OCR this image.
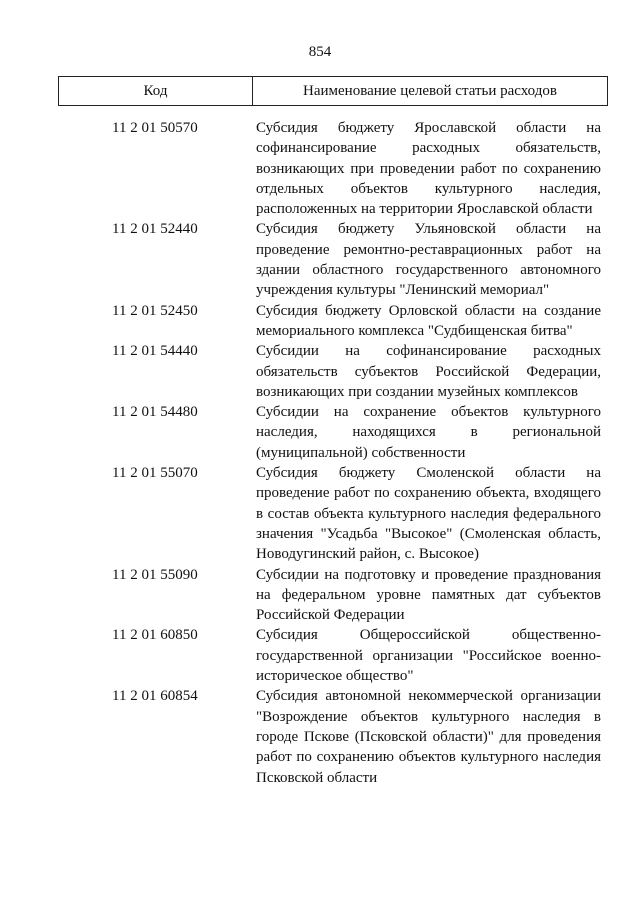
854
Код	Наименование целевой статьи расходов
11 2 01 50570	Субсидия бюджету Ярославской области на софинансирование расходных обязательств, возникающих при проведении работ по сохранению отдельных объектов культурного наследия, расположенных на территории Ярославской области
11 2 01 52440	Субсидия бюджету Ульяновской области на проведение ремонтно-реставрационных работ на здании областного государственного автономного учреждения культуры "Ленинский мемориал"
11 2 01 52450	Субсидия бюджету Орловской области на создание мемориального комплекса "Судбищенская битва"
11 2 01 54440	Субсидии на софинансирование расходных обязательств субъектов Российской Федерации, возникающих при создании музейных комплексов
11 2 01 54480	Субсидии на сохранение объектов культурного наследия, находящихся в региональной (муниципальной) собственности
11 2 01 55070	Субсидия бюджету Смоленской области на проведение работ по сохранению объекта, входящего в состав объекта культурного наследия федерального значения "Усадьба "Высокое" (Смоленская область, Новодугинский район, с. Высокое)
11 2 01 55090	Субсидии на подготовку и проведение празднования на федеральном уровне памятных дат субъектов Российской Федерации
11 2 01 60850	Субсидия Общероссийской общественно-государственной организации "Российское военно-историческое общество"
11 2 01 60854	Субсидия автономной некоммерческой организации "Возрождение объектов культурного наследия в городе Пскове (Псковской области)" для проведения работ по сохранению объектов культурного наследия Псковской области
